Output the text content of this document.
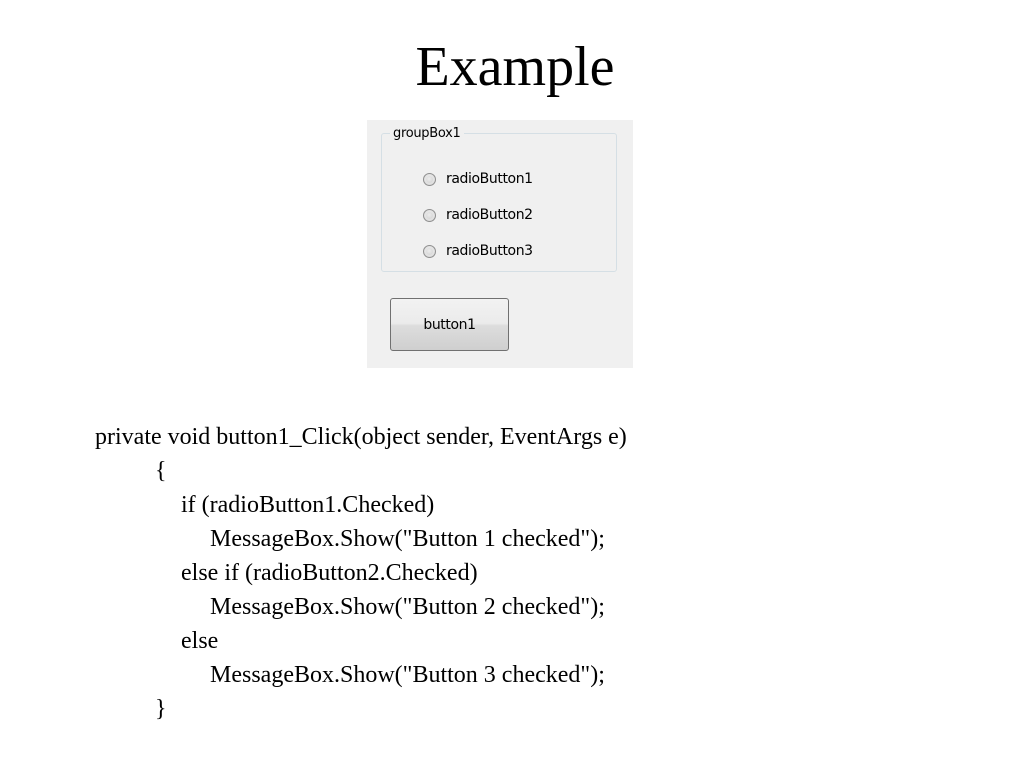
Example
groupBox1
radioButton1
radioButton2
radioButton3
button1
private void button1_Click(object sender, EventArgs e)
{
if (radioButton1.Checked)
MessageBox.Show("Button 1 checked");
else if (radioButton2.Checked)
MessageBox.Show("Button 2 checked");
else
MessageBox.Show("Button 3 checked");
}
